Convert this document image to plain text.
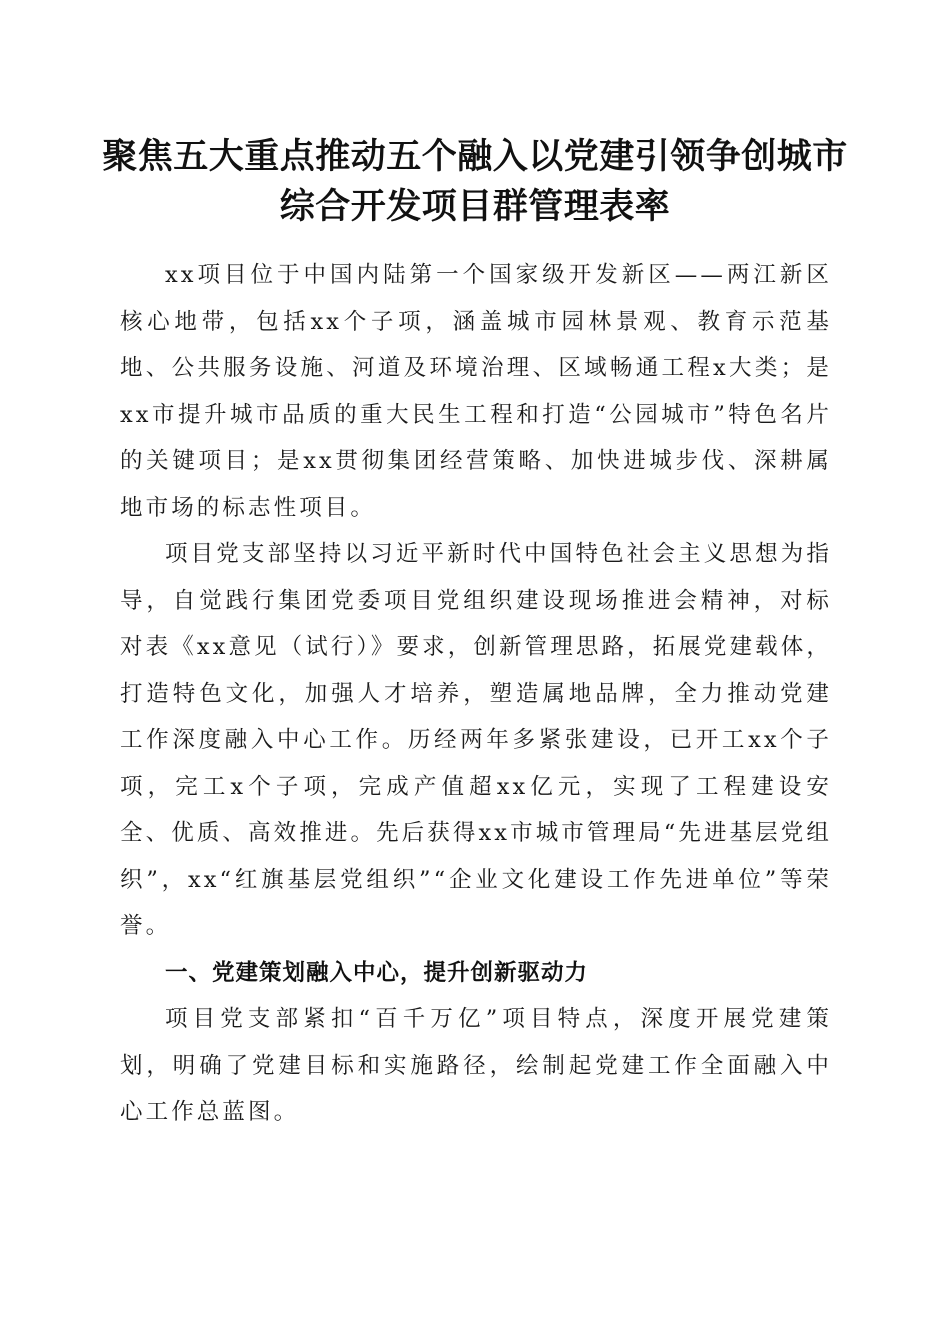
聚焦五大重点推动五个融入以党建引领争创城市综合开发项目群管理表率

xx项目位于中国内陆第一个国家级开发新区——两江新区核心地带，包括xx个子项，涵盖城市园林景观、教育示范基地、公共服务设施、河道及环境治理、区域畅通工程x大类；是xx市提升城市品质的重大民生工程和打造“公园城市”特色名片的关键项目；是xx贯彻集团经营策略、加快进城步伐、深耕属地市场的标志性项目。

项目党支部坚持以习近平新时代中国特色社会主义思想为指导，自觉践行集团党委项目党组织建设现场推进会精神，对标对表《xx意见（试行）》要求，创新管理思路，拓展党建载体，打造特色文化，加强人才培养，塑造属地品牌，全力推动党建工作深度融入中心工作。历经两年多紧张建设，已开工xx个子项，完工x个子项，完成产值超xx亿元，实现了工程建设安全、优质、高效推进。先后获得xx市城市管理局“先进基层党组织”，xx“红旗基层党组织”“企业文化建设工作先进单位”等荣誉。

一、党建策划融入中心，提升创新驱动力

项目党支部紧扣“百千万亿”项目特点，深度开展党建策划，明确了党建目标和实施路径，绘制起党建工作全面融入中心工作总蓝图。
